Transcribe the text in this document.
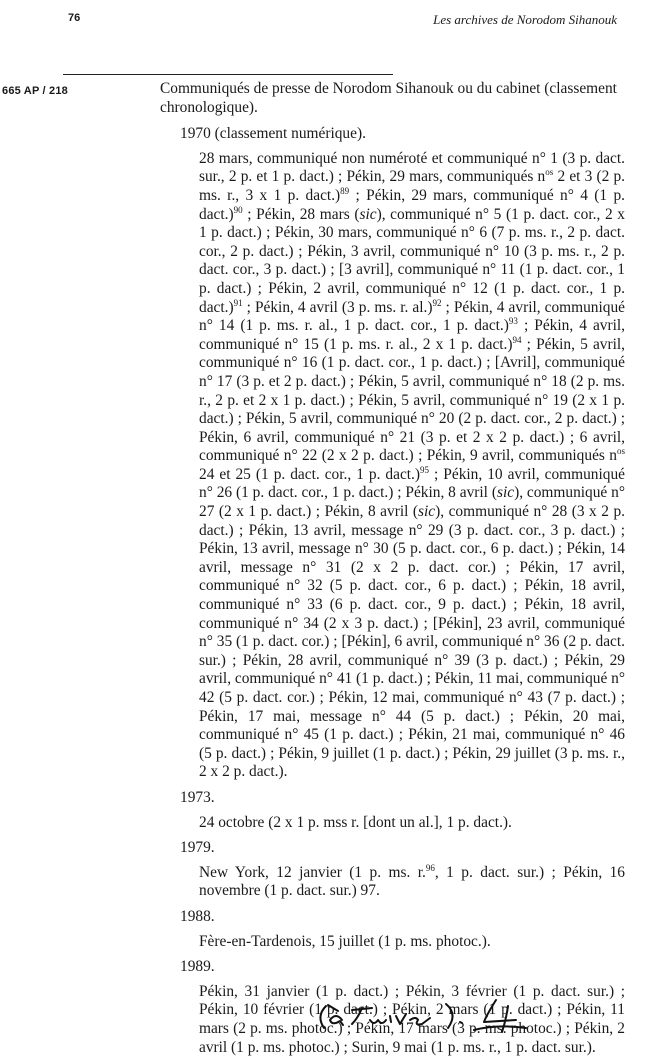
76	Les archives de Norodom Sihanouk
665 AP / 218	Communiqués de presse de Norodom Sihanouk ou du cabinet (classement chronologique).
1970 (classement numérique).
28 mars, communiqué non numéroté et communiqué n° 1 (3 p. dact. sur., 2 p. et 1 p. dact.) ; Pékin, 29 mars, communiqués $n^{os}$ 2 et 3 (2 p. ms. r., 3 x 1 p. dact.)$^{89}$ ; Pékin, 29 mars, communiqué n° 4 (1 p. dact.)$^{90}$ ; Pékin, 28 mars (sic), communiqué n° 5 (1 p. dact. cor., 2 x 1 p. dact.) ; Pékin, 30 mars, communiqué n° 6 (7 p. ms. r., 2 p. dact. cor., 2 p. dact.) ; Pékin, 3 avril, communiqué n° 10 (3 p. ms. r., 2 p. dact. cor., 3 p. dact.) ; [3 avril], communiqué n° 11 (1 p. dact. cor., 1 p. dact.) ; Pékin, 2 avril, communiqué n° 12 (1 p. dact. cor., 1 p. dact.)$^{91}$ ; Pékin, 4 avril (3 p. ms. r. al.)$^{92}$ ; Pékin, 4 avril, communiqué n° 14 (1 p. ms. r. al., 1 p. dact. cor., 1 p. dact.)$^{93}$ ; Pékin, 4 avril, communiqué n° 15 (1 p. ms. r. al., 2 x 1 p. dact.)$^{94}$ ; Pékin, 5 avril, communiqué n° 16 (1 p. dact. cor., 1 p. dact.) ; [Avril], communiqué n° 17 (3 p. et 2 p. dact.) ; Pékin, 5 avril, communiqué n° 18 (2 p. ms. r., 2 p. et 2 x 1 p. dact.) ; Pékin, 5 avril, communiqué n° 19 (2 x 1 p. dact.) ; Pékin, 5 avril, communiqué n° 20 (2 p. dact. cor., 2 p. dact.) ; Pékin, 6 avril, communiqué n° 21 (3 p. et 2 x 2 p. dact.) ; 6 avril, communiqué n° 22 (2 x 2 p. dact.) ; Pékin, 9 avril, communiqués $n^{os}$ 24 et 25 (1 p. dact. cor., 1 p. dact.)$^{95}$ ; Pékin, 10 avril, communiqué n° 26 (1 p. dact. cor., 1 p. dact.) ; Pékin, 8 avril (sic), communiqué n° 27 (2 x 1 p. dact.) ; Pékin, 8 avril (sic), communiqué n° 28 (3 x 2 p. dact.) ; Pékin, 13 avril, message n° 29 (3 p. dact. cor., 3 p. dact.) ; Pékin, 13 avril, message n° 30 (5 p. dact. cor., 6 p. dact.) ; Pékin, 14 avril, message n° 31 (2 x 2 p. dact. cor.) ; Pékin, 17 avril, communiqué n° 32 (5 p. dact. cor., 6 p. dact.) ; Pékin, 18 avril, communiqué n° 33 (6 p. dact. cor., 9 p. dact.) ; Pékin, 18 avril, communiqué n° 34 (2 x 3 p. dact.) ; [Pékin], 23 avril, communiqué n° 35 (1 p. dact. cor.) ; [Pékin], 6 avril, communiqué n° 36 (2 p. dact. sur.) ; Pékin, 28 avril, communiqué n° 39 (3 p. dact.) ; Pékin, 29 avril, communiqué n° 41 (1 p. dact.) ; Pékin, 11 mai, communiqué n° 42 (5 p. dact. cor.) ; Pékin, 12 mai, communiqué n° 43 (7 p. dact.) ; Pékin, 17 mai, message n° 44 (5 p. dact.) ; Pékin, 20 mai, communiqué n° 45 (1 p. dact.) ; Pékin, 21 mai, communiqué n° 46 (5 p. dact.) ; Pékin, 9 juillet (1 p. dact.) ; Pékin, 29 juillet (3 p. ms. r., 2 x 2 p. dact.).
1973.
24 octobre (2 x 1 p. mss r. [dont un al.], 1 p. dact.).
1979.
New York, 12 janvier (1 p. ms. r.$^{96}$, 1 p. dact. sur.) ; Pékin, 16 novembre (1 p. dact. sur.) 97.
1988.
Fère-en-Tardenois, 15 juillet (1 p. ms. photoc.).
1989.
Pékin, 31 janvier (1 p. dact.) ; Pékin, 3 février (1 p. dact. sur.) ; Pékin, 10 février (1 p. dact.) ; Pékin, 2 mars (1 p. dact.) ; Pékin, 11 mars (2 p. ms. photoc.) ; Pékin, 17 mars (3 p. ms. photoc.) ; Pékin, 2 avril (1 p. ms. photoc.) ; Surin, 9 mai (1 p. ms. r., 1 p. dact. sur.).
